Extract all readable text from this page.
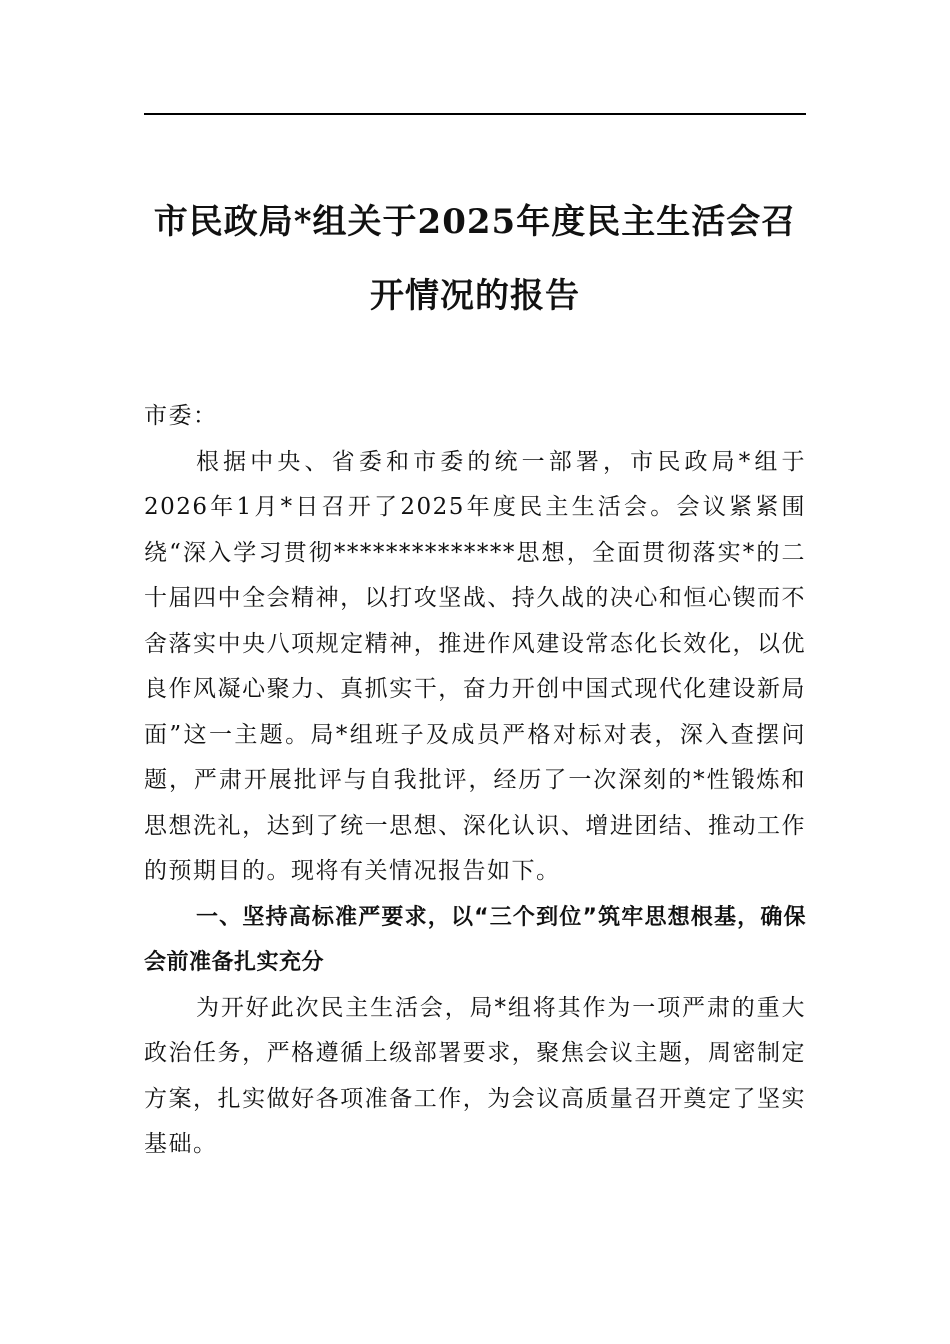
市民政局*组关于2025年度民主生活会召
开情况的报告

市委：

根据中央、省委和市委的统一部署，市民政局*组于2026年1月*日召开了2025年度民主生活会。会议紧紧围绕“深入学习贯彻**************思想，全面贯彻落实*的二十届四中全会精神，以打攻坚战、持久战的决心和恒心锲而不舍落实中央八项规定精神，推进作风建设常态化长效化，以优良作风凝心聚力、真抓实干，奋力开创中国式现代化建设新局面”这一主题。局*组班子及成员严格对标对表，深入查摆问题，严肃开展批评与自我批评，经历了一次深刻的*性锻炼和思想洗礼，达到了统一思想、深化认识、增进团结、推动工作的预期目的。现将有关情况报告如下。

一、坚持高标准严要求，以“三个到位”筑牢思想根基，确保会前准备扎实充分

为开好此次民主生活会，局*组将其作为一项严肃的重大政治任务，严格遵循上级部署要求，聚焦会议主题，周密制定方案，扎实做好各项准备工作，为会议高质量召开奠定了坚实基础。
